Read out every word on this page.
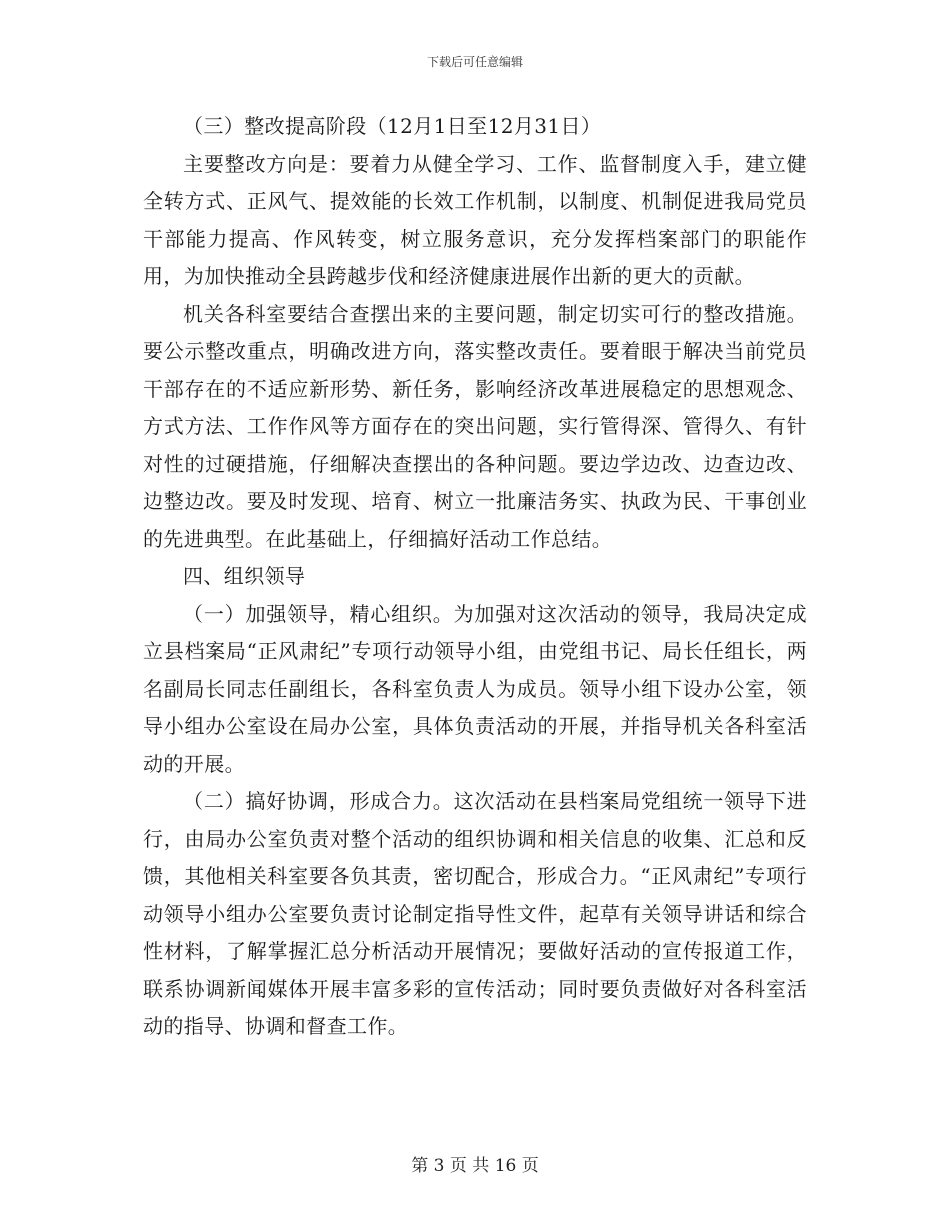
下载后可任意编辑

（三）整改提高阶段（12月1日至12月31日）

主要整改方向是：要着力从健全学习、工作、监督制度入手，建立健全转方式、正风气、提效能的长效工作机制，以制度、机制促进我局党员干部能力提高、作风转变，树立服务意识，充分发挥档案部门的职能作用，为加快推动全县跨越步伐和经济健康进展作出新的更大的贡献。

机关各科室要结合查摆出来的主要问题，制定切实可行的整改措施。要公示整改重点，明确改进方向，落实整改责任。要着眼于解决当前党员干部存在的不适应新形势、新任务，影响经济改革进展稳定的思想观念、方式方法、工作作风等方面存在的突出问题，实行管得深、管得久、有针对性的过硬措施，仔细解决查摆出的各种问题。要边学边改、边查边改、边整边改。要及时发现、培育、树立一批廉洁务实、执政为民、干事创业的先进典型。在此基础上，仔细搞好活动工作总结。

四、组织领导

（一）加强领导，精心组织。为加强对这次活动的领导，我局决定成立县档案局“正风肃纪”专项行动领导小组，由党组书记、局长任组长，两名副局长同志任副组长，各科室负责人为成员。领导小组下设办公室，领导小组办公室设在局办公室，具体负责活动的开展，并指导机关各科室活动的开展。

（二）搞好协调，形成合力。这次活动在县档案局党组统一领导下进行，由局办公室负责对整个活动的组织协调和相关信息的收集、汇总和反馈，其他相关科室要各负其责，密切配合，形成合力。“正风肃纪”专项行动领导小组办公室要负责讨论制定指导性文件，起草有关领导讲话和综合性材料，了解掌握汇总分析活动开展情况；要做好活动的宣传报道工作，联系协调新闻媒体开展丰富多彩的宣传活动；同时要负责做好对各科室活动的指导、协调和督查工作。

第 3 页 共 16 页
